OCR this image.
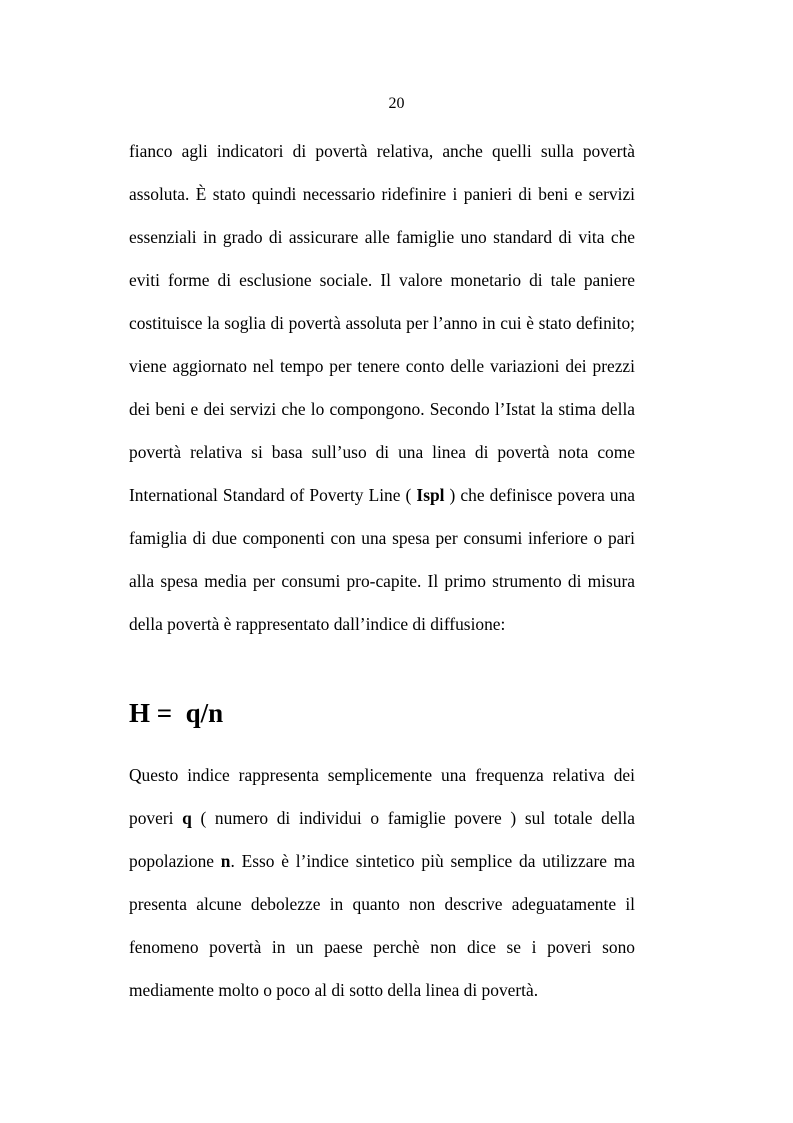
20

fianco agli indicatori di povertà relativa, anche quelli sulla povertà assoluta. È stato quindi necessario ridefinire i panieri di beni e servizi essenziali in grado di assicurare alle famiglie uno standard di vita che eviti forme di esclusione sociale. Il valore monetario di tale paniere costituisce la soglia di povertà assoluta per l’anno in cui è stato definito; viene aggiornato nel tempo per tenere conto delle variazioni dei prezzi dei beni e dei servizi che lo compongono. Secondo l’Istat la stima della povertà relativa si basa sull’uso di una linea di povertà nota come International Standard of Poverty Line ( Ispl ) che definisce povera una famiglia di due componenti con una spesa per consumi inferiore o pari alla spesa media per consumi pro-capite. Il primo strumento di misura della povertà è rappresentato dall’indice di diffusione:

H =  q/n

Questo indice rappresenta semplicemente una frequenza relativa dei poveri q ( numero di individui o famiglie povere ) sul totale della popolazione n. Esso è l’indice sintetico più semplice da utilizzare ma presenta alcune debolezze in quanto non descrive adeguatamente il fenomeno povertà in un paese perchè non dice se i poveri sono mediamente molto o poco al di sotto della linea di povertà.
